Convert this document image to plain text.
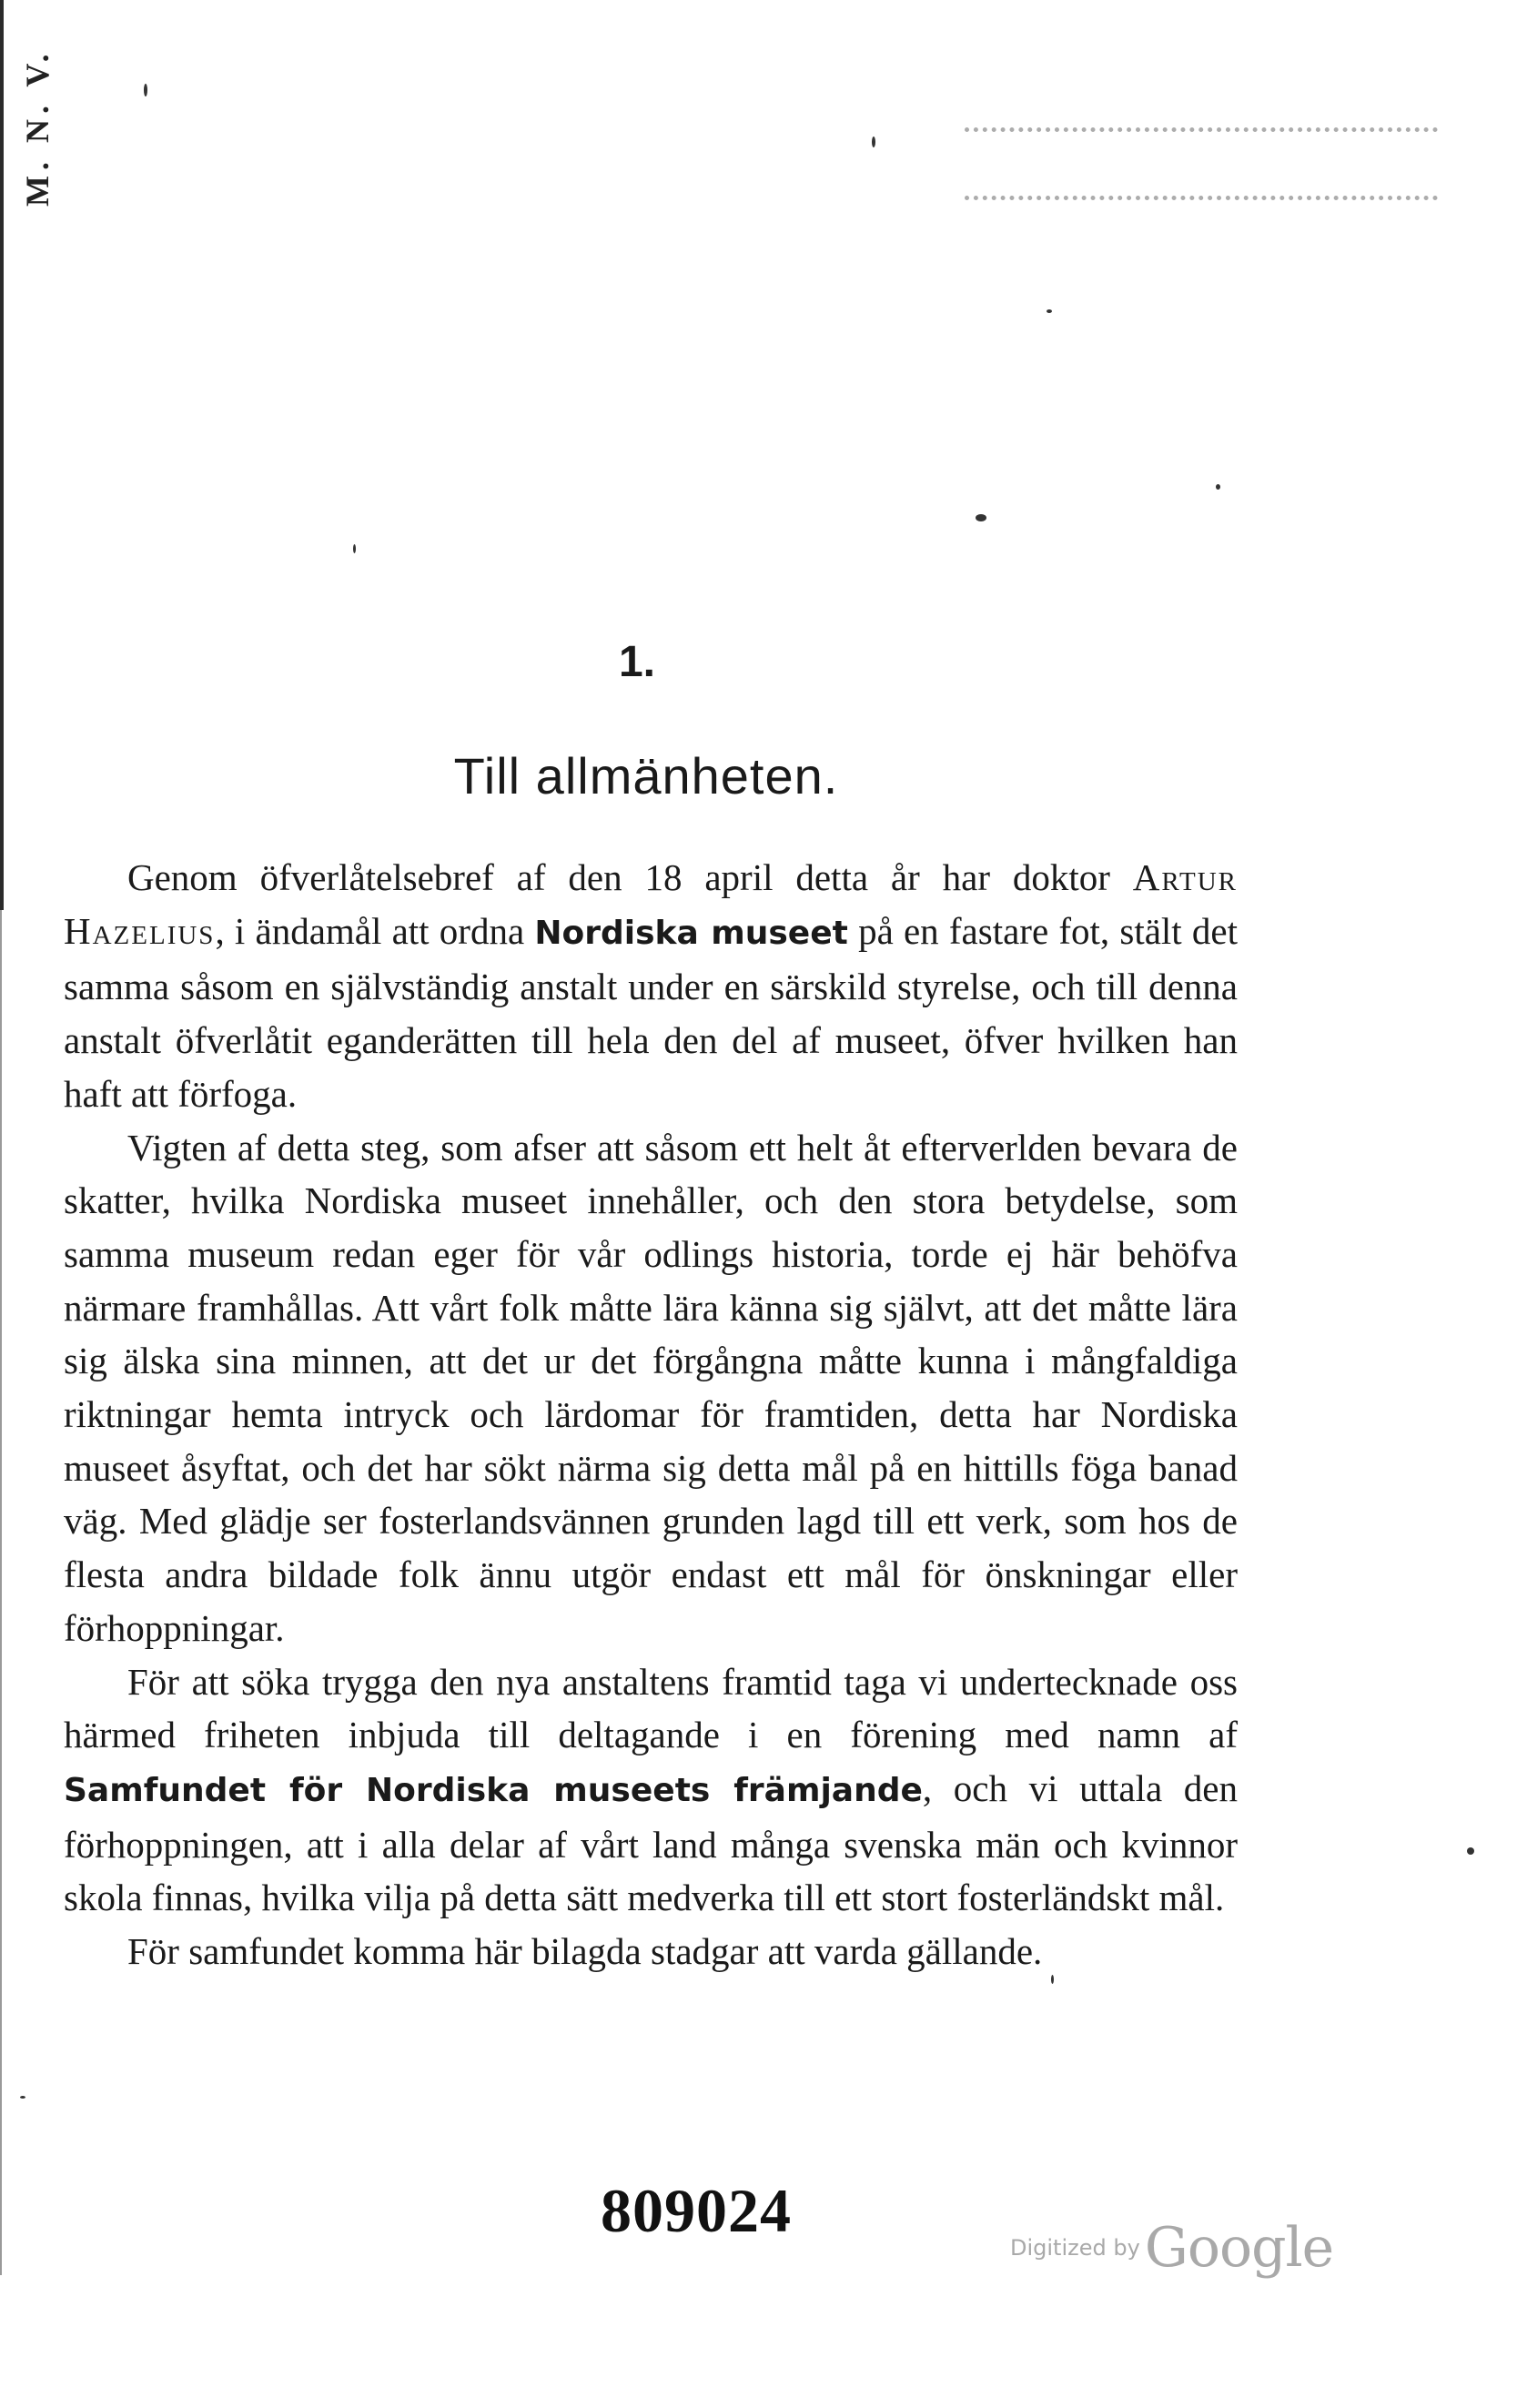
M. N. V.
1.
Till allmänheten.

Genom öfverlåtelsebref af den 18 april detta år har doktor Artur Hazelius, i ändamål att ordna Nordiska museet på en fastare fot, stält det samma såsom en självständig anstalt under en särskild styrelse, och till denna anstalt öfverlåtit eganderätten till hela den del af museet, öfver hvilken han haft att förfoga.

Vigten af detta steg, som afser att såsom ett helt åt efterverlden bevara de skatter, hvilka Nordiska museet innehåller, och den stora betydelse, som samma museum redan eger för vår odlings historia, torde ej här behöfva närmare framhållas. Att vårt folk måtte lära känna sig självt, att det måtte lära sig älska sina minnen, att det ur det förgångna måtte kunna i mångfaldiga riktningar hemta intryck och lärdomar för framtiden, detta har Nordiska museet åsyftat, och det har sökt närma sig detta mål på en hittills föga banad väg. Med glädje ser fosterlandsvännen grunden lagd till ett verk, som hos de flesta andra bildade folk ännu utgör endast ett mål för önskningar eller förhoppningar.

För att söka trygga den nya anstaltens framtid taga vi undertecknade oss härmed friheten inbjuda till deltagande i en förening med namn af Samfundet för Nordiska museets främjande, och vi uttala den förhoppningen, att i alla delar af vårt land många svenska män och kvinnor skola finnas, hvilka vilja på detta sätt medverka till ett stort fosterländskt mål.

För samfundet komma här bilagda stadgar att varda gällande.

809024
Digitized by Google
